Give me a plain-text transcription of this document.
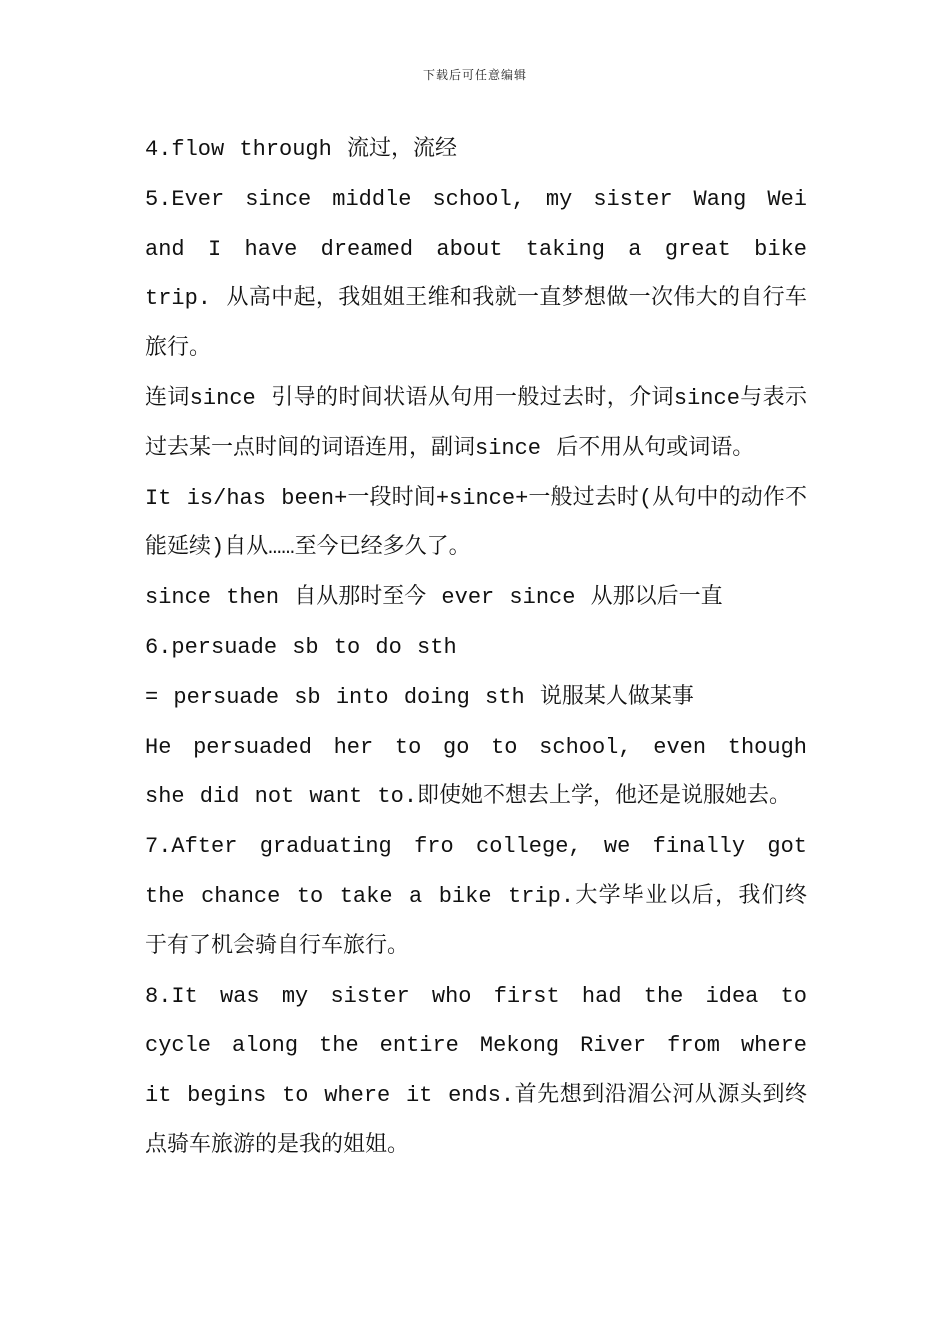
下载后可任意编辑

4.flow through 流过，流经

5.Ever since middle school, my sister Wang Wei and I have dreamed about taking a great bike trip. 从高中起，我姐姐王维和我就一直梦想做一次伟大的自行车旅行。

连词since 引导的时间状语从句用一般过去时，介词since与表示过去某一点时间的词语连用，副词since 后不用从句或词语。

It is/has been+一段时间+since+一般过去时(从句中的动作不能延续)自从……至今已经多久了。

since then 自从那时至今 ever since 从那以后一直

6.persuade sb to do sth

= persuade sb into doing sth 说服某人做某事

He persuaded her to go to school, even though she did not want to.即使她不想去上学，他还是说服她去。

7.After graduating fro college, we finally got the chance to take a bike trip.大学毕业以后，我们终于有了机会骑自行车旅行。

8.It was my sister who first had the idea to cycle along the entire Mekong River from where it begins to where it ends.首先想到沿湄公河从源头到终点骑车旅游的是我的姐姐。
